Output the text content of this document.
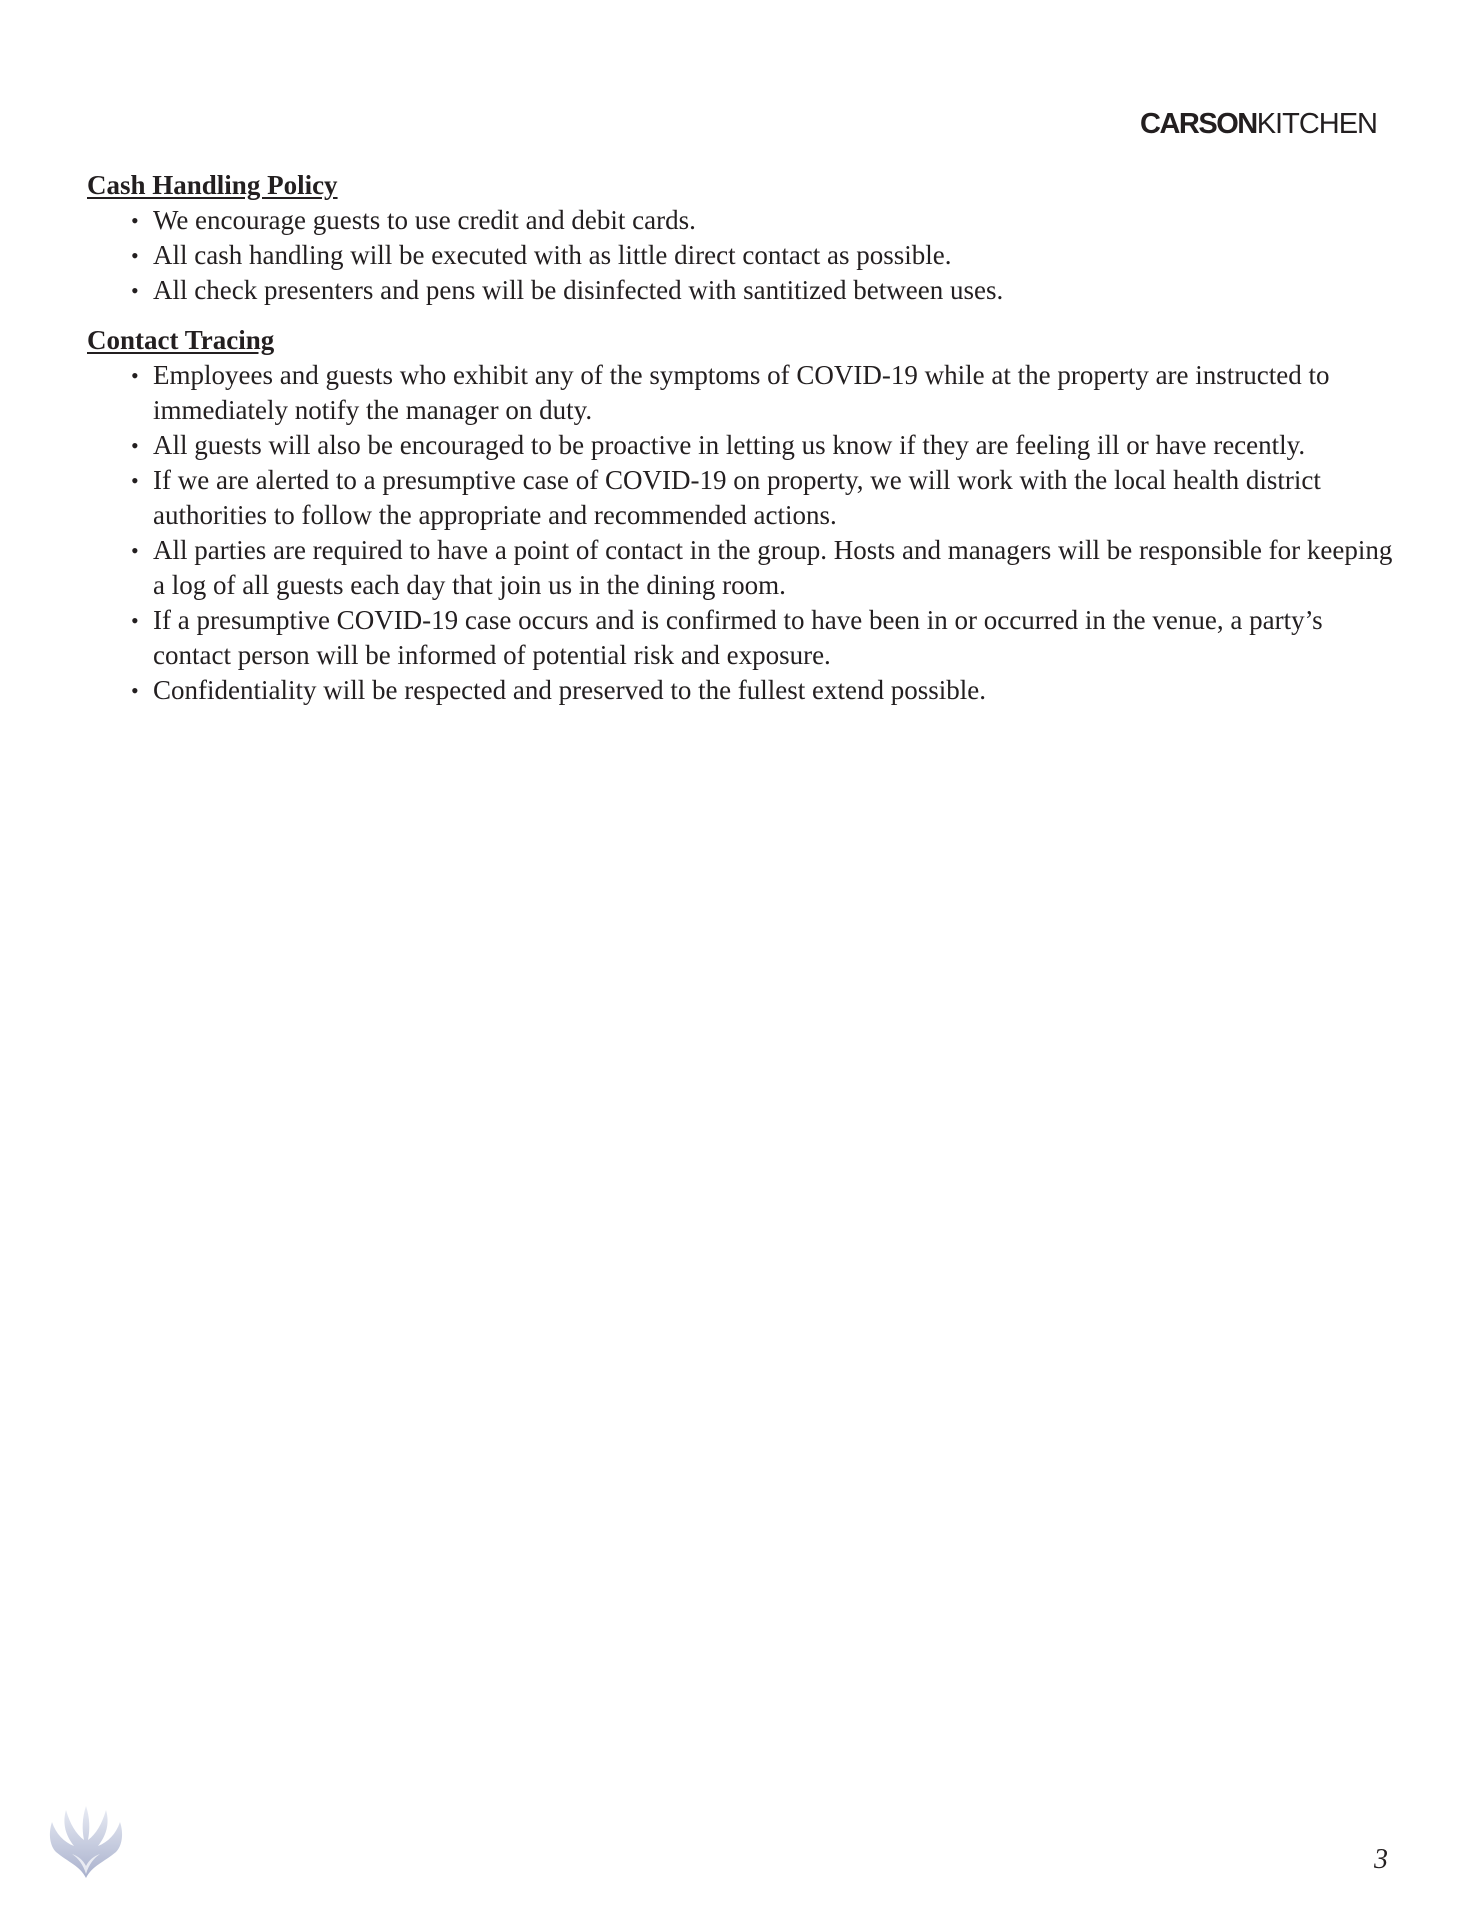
CARSONKITCHEN
Cash Handling Policy
• We encourage guests to use credit and debit cards.
• All cash handling will be executed with as little direct contact as possible.
• All check presenters and pens will be disinfected with santitized between uses.
Contact Tracing
• Employees and guests who exhibit any of the symptoms of COVID-19 while at the property are instructed to immediately notify the manager on duty.
• All guests will also be encouraged to be proactive in letting us know if they are feeling ill or have recently.
• If we are alerted to a presumptive case of COVID-19 on property, we will work with the local health district authorities to follow the appropriate and recommended actions.
• All parties are required to have a point of contact in the group. Hosts and managers will be responsible for keeping a log of all guests each day that join us in the dining room.
• If a presumptive COVID-19 case occurs and is confirmed to have been in or occurred in the venue, a party’s contact person will be informed of potential risk and exposure.
• Confidentiality will be respected and preserved to the fullest extend possible.
3
